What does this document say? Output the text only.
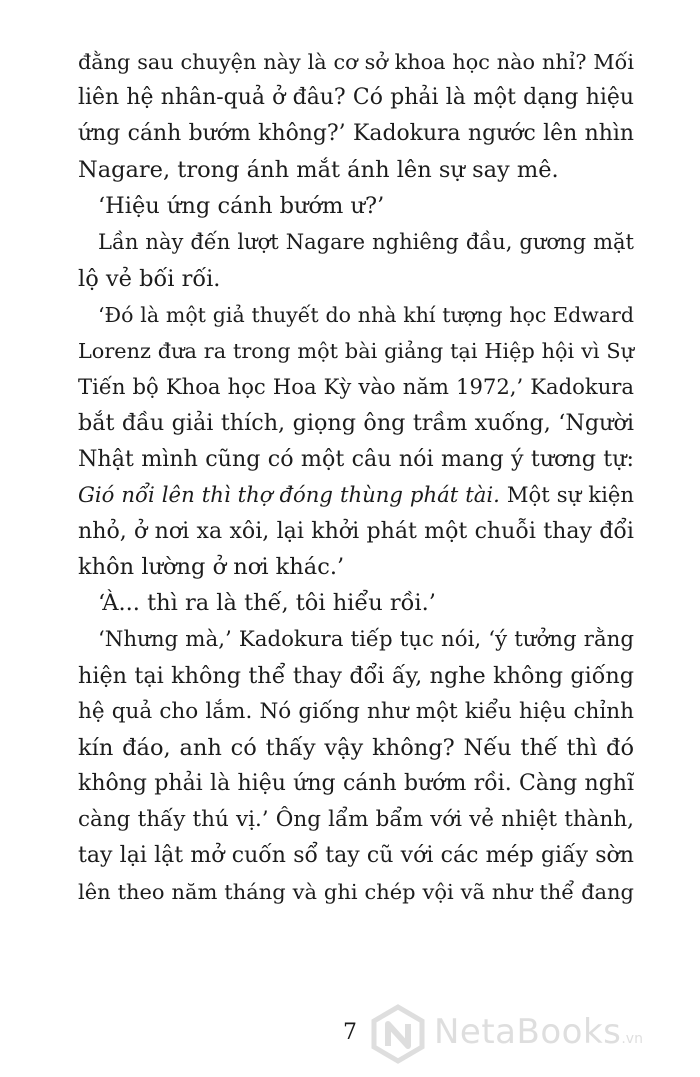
đằng sau chuyện này là cơ sở khoa học nào nhỉ? Mối
liên hệ nhân-quả ở đâu? Có phải là một dạng hiệu
ứng cánh bướm không?’ Kadokura ngước lên nhìn
Nagare, trong ánh mắt ánh lên sự say mê.
‘Hiệu ứng cánh bướm ư?’
Lần này đến lượt Nagare nghiêng đầu, gương mặt
lộ vẻ bối rối.
‘Đó là một giả thuyết do nhà khí tượng học Edward
Lorenz đưa ra trong một bài giảng tại Hiệp hội vì Sự
Tiến bộ Khoa học Hoa Kỳ vào năm 1972,’ Kadokura
bắt đầu giải thích, giọng ông trầm xuống, ‘Người
Nhật mình cũng có một câu nói mang ý tương tự:
Gió nổi lên thì thợ đóng thùng phát tài. Một sự kiện
nhỏ, ở nơi xa xôi, lại khởi phát một chuỗi thay đổi
khôn lường ở nơi khác.’
‘À... thì ra là thế, tôi hiểu rồi.’
‘Nhưng mà,’ Kadokura tiếp tục nói, ‘ý tưởng rằng
hiện tại không thể thay đổi ấy, nghe không giống
hệ quả cho lắm. Nó giống như một kiểu hiệu chỉnh
kín đáo, anh có thấy vậy không? Nếu thế thì đó
không phải là hiệu ứng cánh bướm rồi. Càng nghĩ
càng thấy thú vị.’ Ông lẩm bẩm với vẻ nhiệt thành,
tay lại lật mở cuốn sổ tay cũ với các mép giấy sờn
lên theo năm tháng và ghi chép vội vã như thể đang
7 NetaBooks.vn
